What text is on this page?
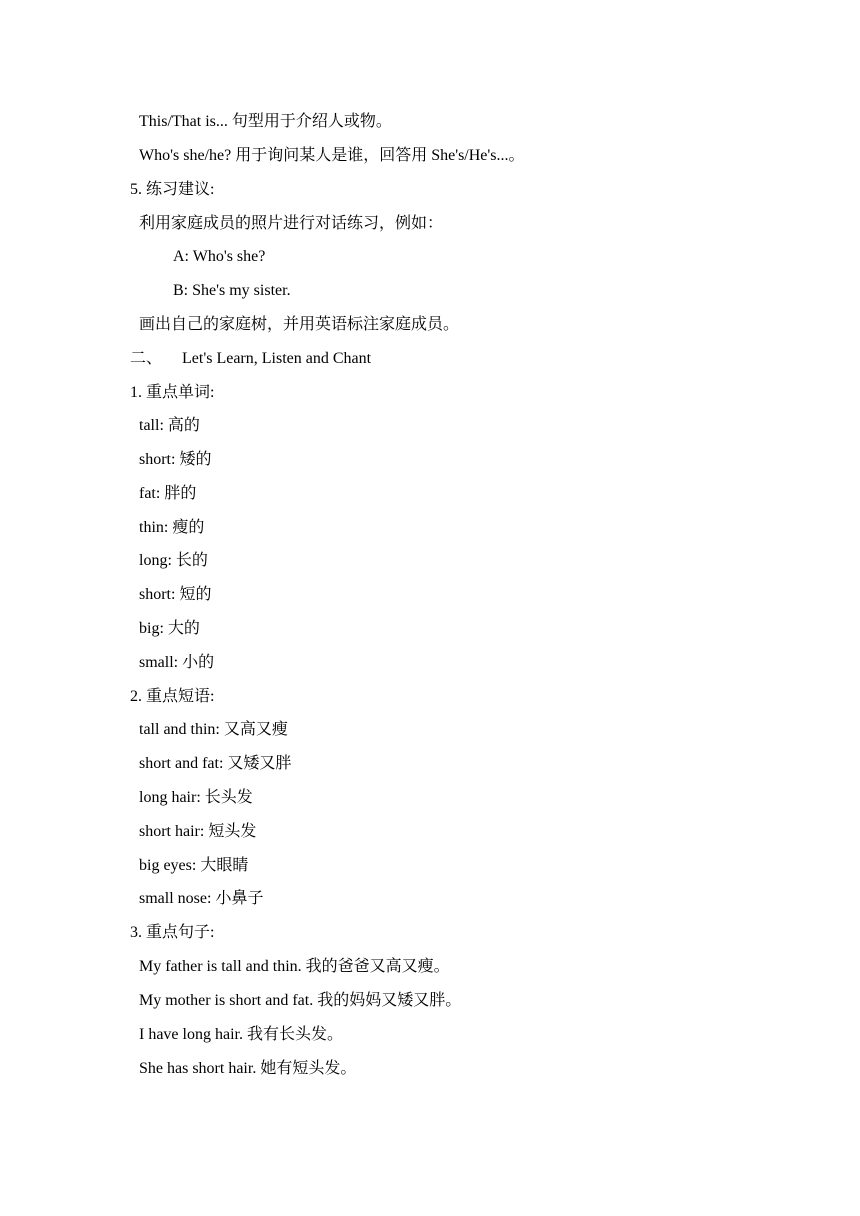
This/That is... 句型用于介绍人或物。
Who's she/he? 用于询问某人是谁，回答用 She's/He's...。
5. 练习建议:
利用家庭成员的照片进行对话练习，例如：
A: Who's she?
B: She's my sister.
画出自己的家庭树，并用英语标注家庭成员。
二、 Let's Learn, Listen and Chant
1. 重点单词:
tall: 高的
short: 矮的
fat: 胖的
thin: 瘦的
long: 长的
short: 短的
big: 大的
small: 小的
2. 重点短语:
tall and thin: 又高又瘦
short and fat: 又矮又胖
long hair: 长头发
short hair: 短头发
big eyes: 大眼睛
small nose: 小鼻子
3. 重点句子:
My father is tall and thin. 我的爸爸又高又瘦。
My mother is short and fat. 我的妈妈又矮又胖。
I have long hair. 我有长头发。
She has short hair. 她有短头发。
